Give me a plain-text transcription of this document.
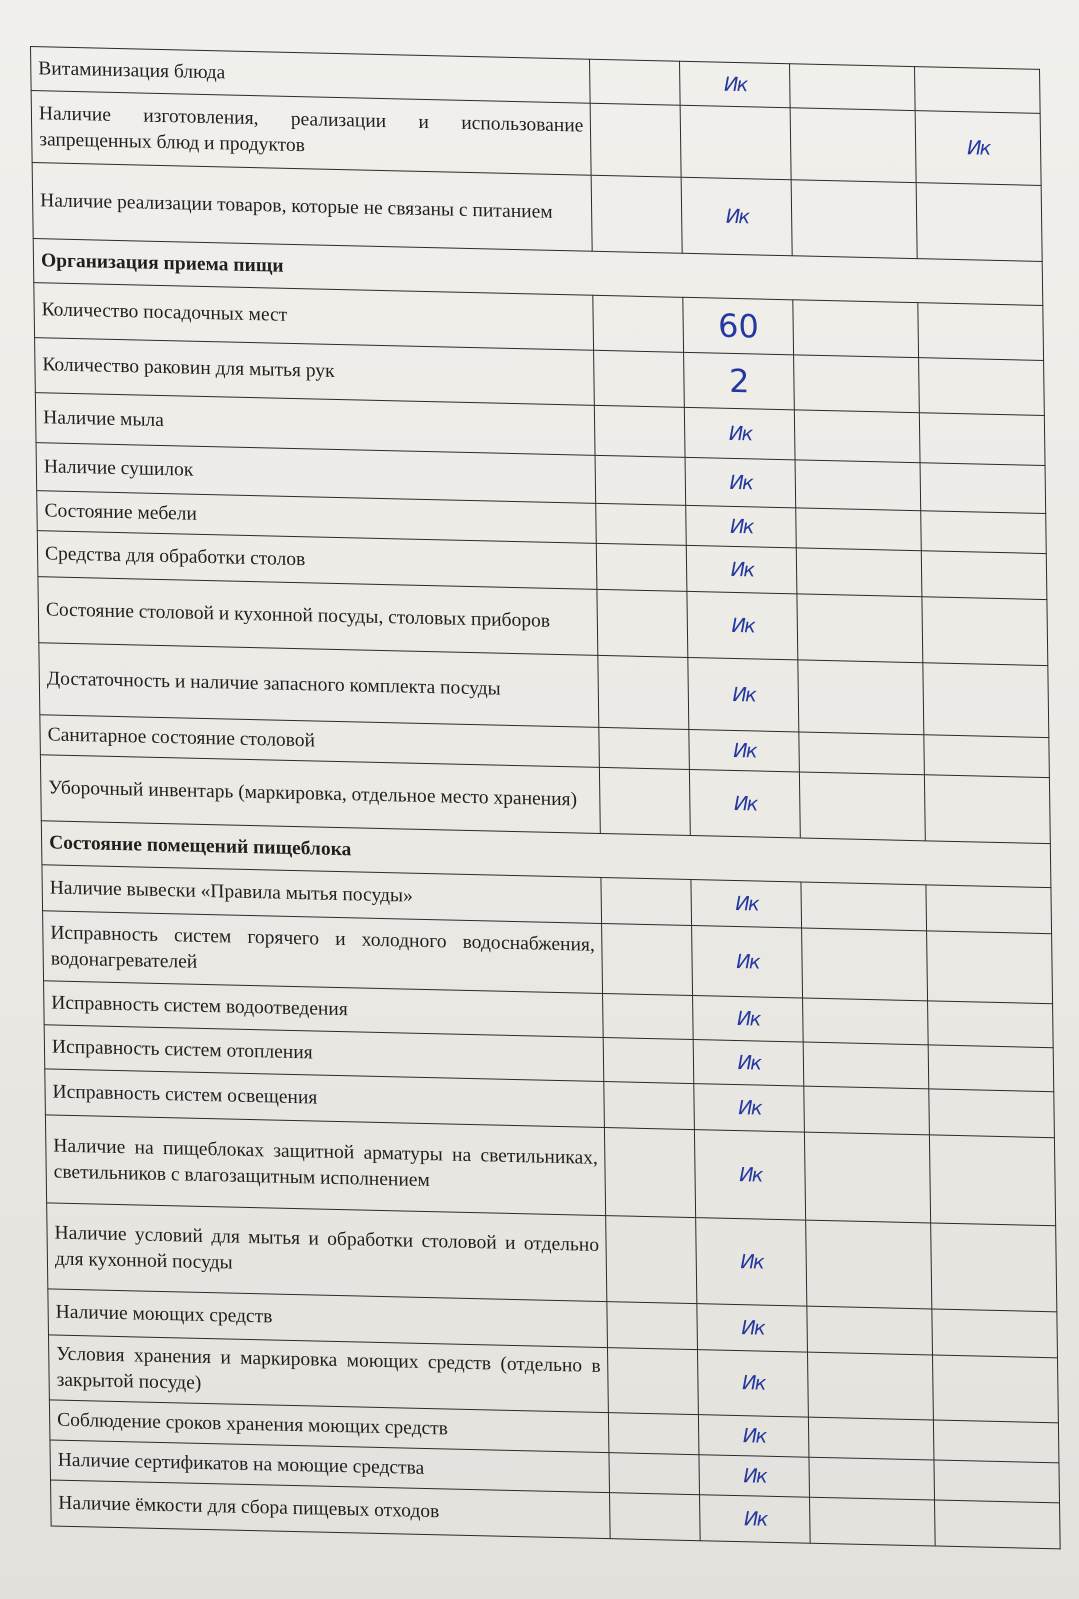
Витаминизация блюда		Ик		
Наличие изготовления, реализации и использование запрещенных блюд и продуктов				Ик
Наличие реализации товаров, которые не связаны с питанием		Ик		
Организация приема пищи				
Количество посадочных мест		60		
Количество раковин для мытья рук		2		
Наличие мыла		Ик		
Наличие сушилок		Ик		
Состояние мебели		Ик		
Средства для обработки столов		Ик		
Состояние столовой и кухонной посуды, столовых приборов		Ик		
Достаточность и наличие запасного комплекта посуды		Ик		
Санитарное состояние столовой		Ик		
Уборочный инвентарь (маркировка, отдельное место хранения)		Ик		
Состояние помещений пищеблока				
Наличие вывески «Правила мытья посуды»		Ик		
Исправность систем горячего и холодного водоснабжения, водонагревателей		Ик		
Исправность систем водоотведения		Ик		
Исправность систем отопления		Ик		
Исправность систем освещения		Ик		
Наличие на пищеблоках защитной арматуры на светильниках, светильников с влагозащитным исполнением		Ик		
Наличие условий для мытья и обработки столовой и отдельно для кухонной посуды		Ик		
Наличие моющих средств		Ик		
Условия хранения и маркировка моющих средств (отдельно в закрытой посуде)		Ик		
Соблюдение сроков хранения моющих средств		Ик		
Наличие сертификатов на моющие средства		Ик		
Наличие ёмкости для сбора пищевых отходов		Ик		
